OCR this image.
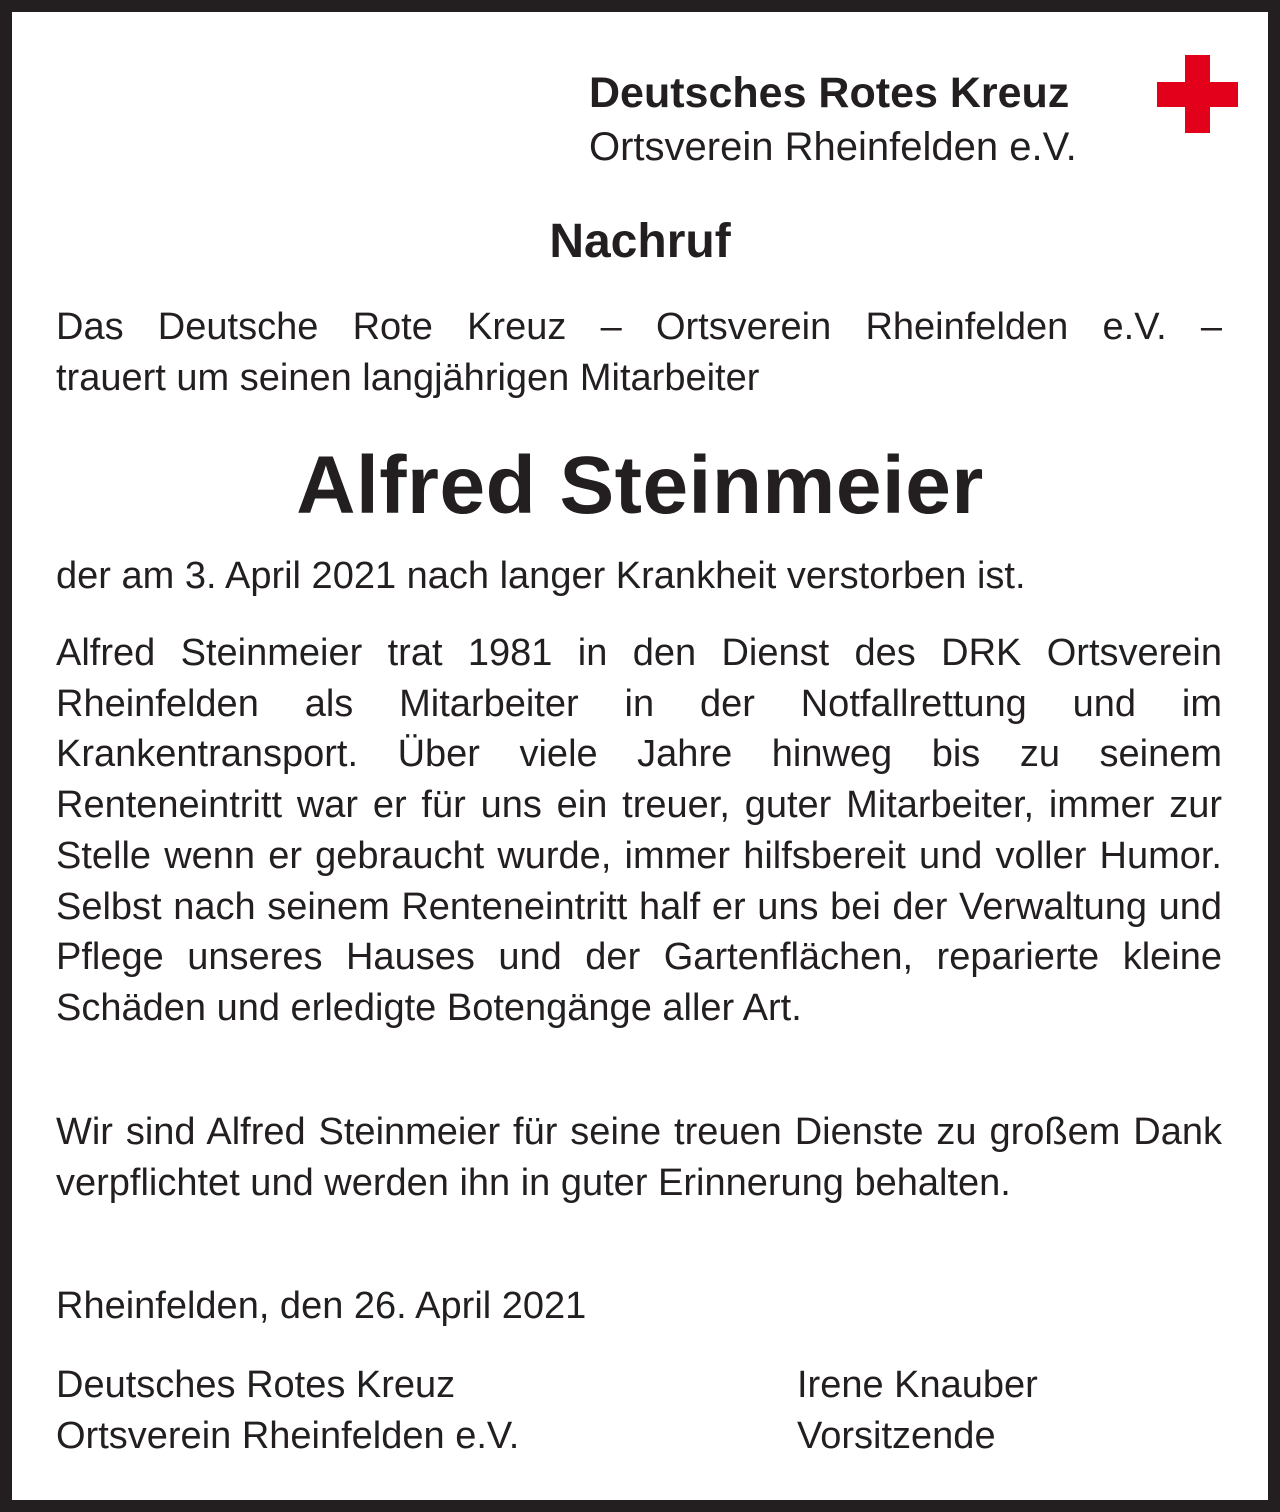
Deutsches Rotes Kreuz
Ortsverein Rheinfelden e.V.
Nachruf
Das Deutsche Rote Kreuz – Ortsverein Rheinfelden e.V. –
trauert um seinen langjährigen Mitarbeiter
Alfred Steinmeier
der am 3. April 2021 nach langer Krankheit verstorben ist.
Alfred Steinmeier trat 1981 in den Dienst des DRK Ortsverein Rheinfelden als Mitarbeiter in der Notfallrettung und im Krankentransport. Über viele Jahre hinweg bis zu seinem Renteneintritt war er für uns ein treuer, guter Mitarbeiter, immer zur Stelle wenn er gebraucht wurde, immer hilfsbereit und voller Humor. Selbst nach seinem Renteneintritt half er uns bei der Verwaltung und Pflege unseres Hauses und der Gartenflächen, reparierte kleine Schäden und erledigte Botengänge aller Art.
Wir sind Alfred Steinmeier für seine treuen Dienste zu großem Dank verpflichtet und werden ihn in guter Erinnerung behalten.
Rheinfelden, den 26. April 2021
Deutsches Rotes Kreuz
Ortsverein Rheinfelden e.V.
Irene Knauber
Vorsitzende
